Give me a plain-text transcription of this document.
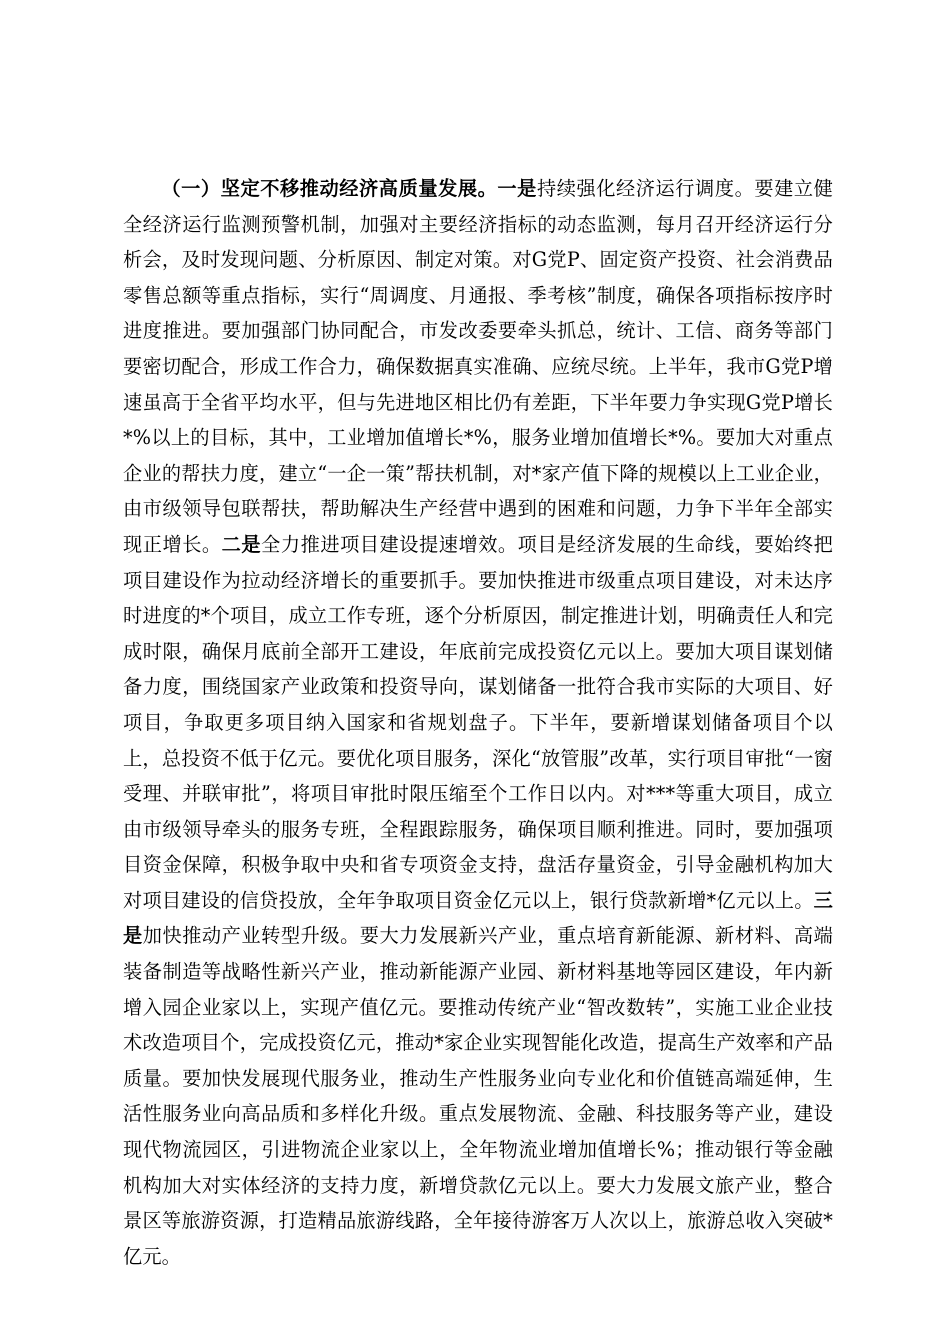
（一）坚定不移推动经济高质量发展。一是持续强化经济运行调度。要建立健全经济运行监测预警机制，加强对主要经济指标的动态监测，每月召开经济运行分析会，及时发现问题、分析原因、制定对策。对G党P、固定资产投资、社会消费品零售总额等重点指标，实行“周调度、月通报、季考核”制度，确保各项指标按序时进度推进。要加强部门协同配合，市发改委要牵头抓总，统计、工信、商务等部门要密切配合，形成工作合力，确保数据真实准确、应统尽统。上半年，我市G党P增速虽高于全省平均水平，但与先进地区相比仍有差距，下半年要力争实现G党P增长*%以上的目标，其中，工业增加值增长*%，服务业增加值增长*%。要加大对重点企业的帮扶力度，建立“一企一策”帮扶机制，对*家产值下降的规模以上工业企业，由市级领导包联帮扶，帮助解决生产经营中遇到的困难和问题，力争下半年全部实现正增长。二是全力推进项目建设提速增效。项目是经济发展的生命线，要始终把项目建设作为拉动经济增长的重要抓手。要加快推进市级重点项目建设，对未达序时进度的*个项目，成立工作专班，逐个分析原因，制定推进计划，明确责任人和完成时限，确保月底前全部开工建设，年底前完成投资亿元以上。要加大项目谋划储备力度，围绕国家产业政策和投资导向，谋划储备一批符合我市实际的大项目、好项目，争取更多项目纳入国家和省规划盘子。下半年，要新增谋划储备项目个以上，总投资不低于亿元。要优化项目服务，深化“放管服”改革，实行项目审批“一窗受理、并联审批”，将项目审批时限压缩至个工作日以内。对***等重大项目，成立由市级领导牵头的服务专班，全程跟踪服务，确保项目顺利推进。同时，要加强项目资金保障，积极争取中央和省专项资金支持，盘活存量资金，引导金融机构加大对项目建设的信贷投放，全年争取项目资金亿元以上，银行贷款新增*亿元以上。三是加快推动产业转型升级。要大力发展新兴产业，重点培育新能源、新材料、高端装备制造等战略性新兴产业，推动新能源产业园、新材料基地等园区建设，年内新增入园企业家以上，实现产值亿元。要推动传统产业“智改数转”，实施工业企业技术改造项目个，完成投资亿元，推动*家企业实现智能化改造，提高生产效率和产品质量。要加快发展现代服务业，推动生产性服务业向专业化和价值链高端延伸，生活性服务业向高品质和多样化升级。重点发展物流、金融、科技服务等产业，建设现代物流园区，引进物流企业家以上，全年物流业增加值增长%；推动银行等金融机构加大对实体经济的支持力度，新增贷款亿元以上。要大力发展文旅产业，整合景区等旅游资源，打造精品旅游线路，全年接待游客万人次以上，旅游总收入突破*亿元。
